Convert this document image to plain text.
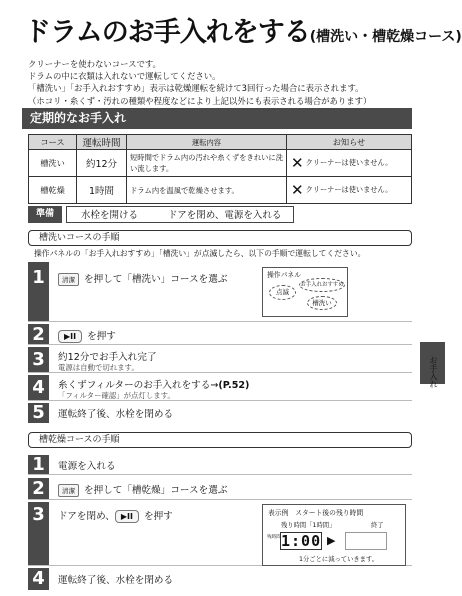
ドラムのお手入れをする(槽洗い・槽乾燥コース)
クリーナーを使わないコースです。
ドラムの中に衣類は入れないで運転してください。
「槽洗い」「お手入れおすすめ」表示は乾燥運転を続けて3回行った場合に表示されます。
（ホコリ・糸くず・汚れの種類や程度などにより上記以外にも表示される場合があります）
定期的なお手入れ
コース	運転時間	運転内容	お知らせ
槽洗い	約12分	短時間でドラム内の汚れや糸くずをきれいに洗い流します。	✕ クリーナーは使いません。
槽乾燥	1時間	ドラム内を温風で乾燥させます。	✕ クリーナーは使いません。
準備	水栓を開ける	ドアを閉め、電源を入れる
槽洗いコースの手順
操作パネルの「お手入れおすすめ」「槽洗い」が点滅したら、以下の手順で運転してください。
1	清潔 を押して「槽洗い」コースを選ぶ	操作パネル
点滅
お手入れおすすめ
槽洗い
2	▶II を押す
3	約12分でお手入れ完了
電源は自動で切れます。
4	糸くずフィルターのお手入れをする→(P.52)
「フィルター確認」が点灯します。
5	運転終了後、水栓を閉める
槽乾燥コースの手順
1	電源を入れる
2	清潔 を押して「槽乾燥」コースを選ぶ
3	ドアを閉め、 ▶II を押す	表示例　 スタート後の残り時間
残り時間「1時間」	終了
残時間 1:00 ▶
1分ごとに減っていきます。
4	運転終了後、水栓を閉める
お手入れ
